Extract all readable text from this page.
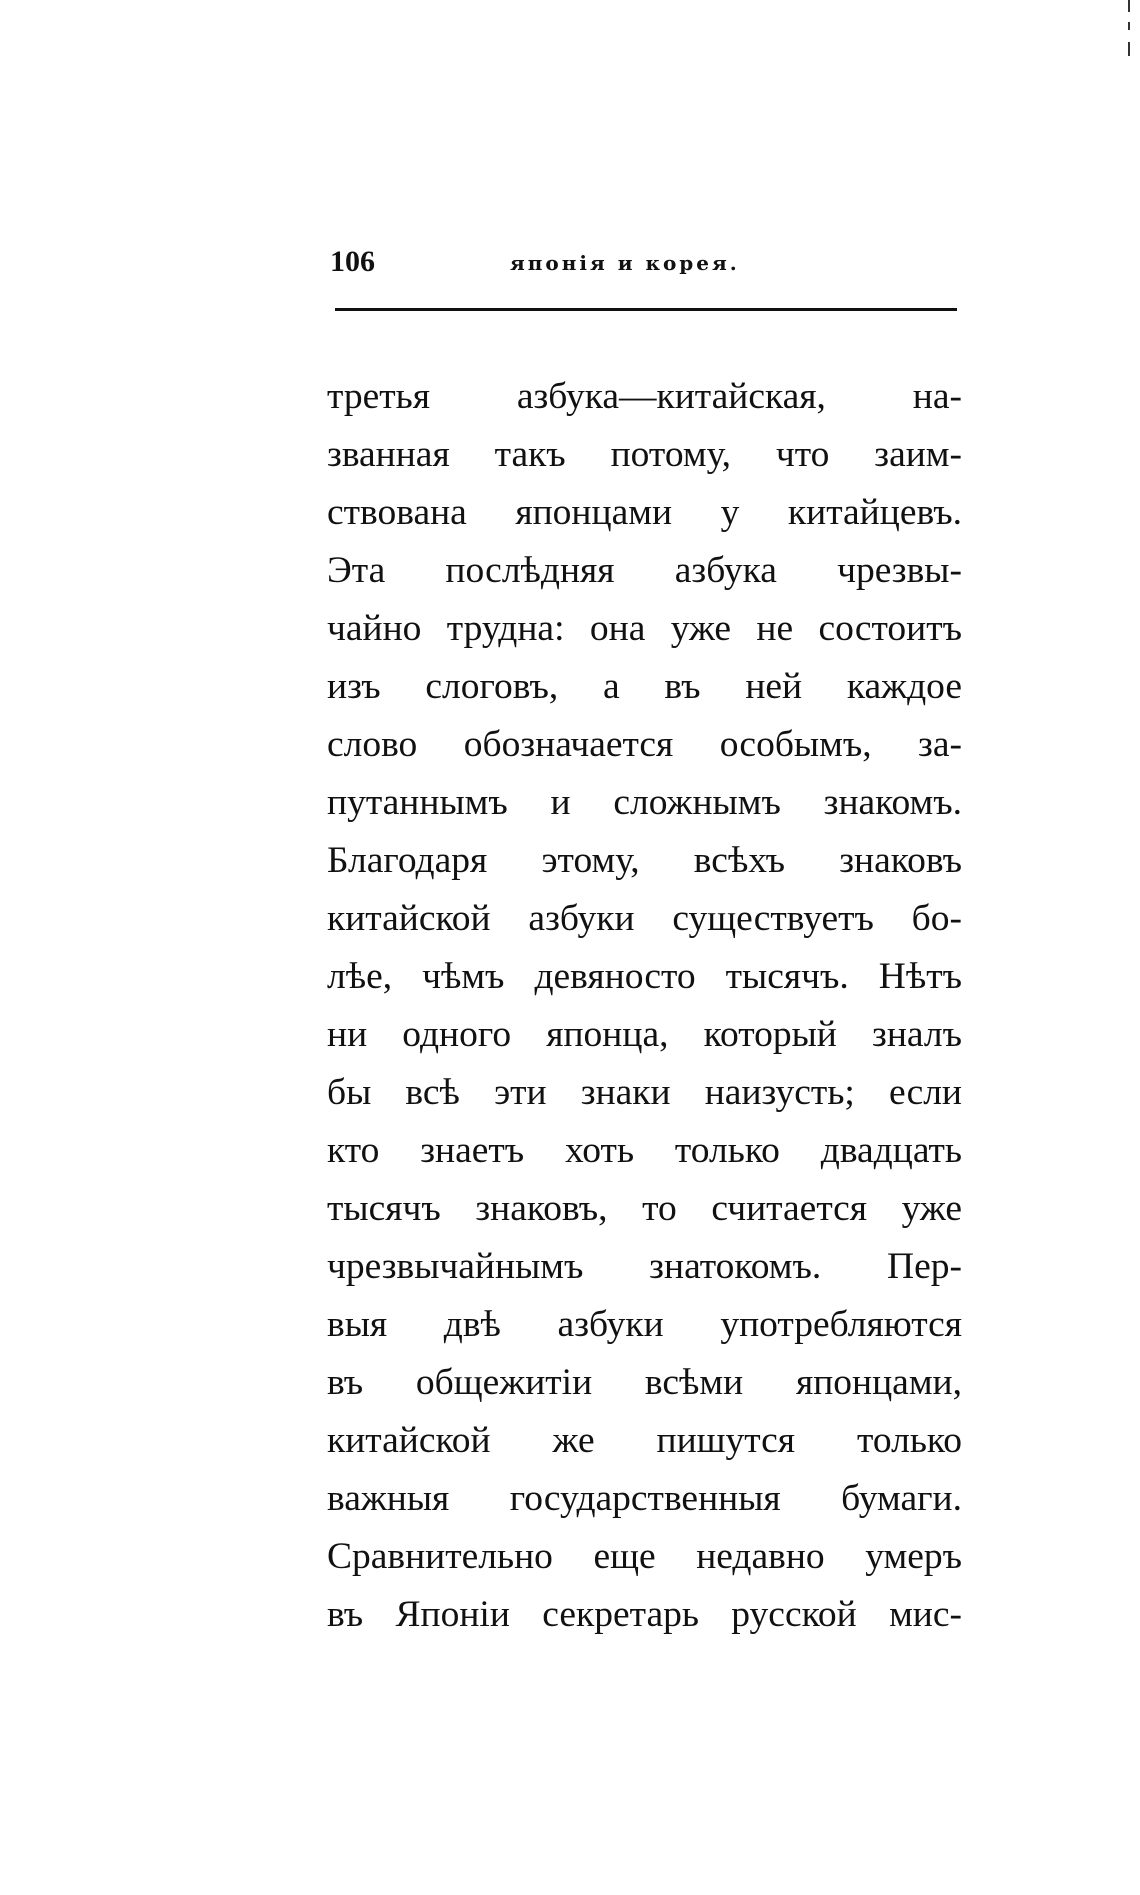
106	японія и корея.
третья азбука—китайская, на-
званная такъ потому, что заим-
ствована японцами у китайцевъ.
Эта послѣдняя азбука чрезвы-
чайно трудна: она уже не состоитъ
изъ слоговъ, а въ ней каждое
слово обозначается особымъ, за-
путаннымъ и сложнымъ знакомъ.
Благодаря этому, всѣхъ знаковъ
китайской азбуки существуетъ бо-
лѣе, чѣмъ девяносто тысячъ. Нѣтъ
ни одного японца, который зналъ
бы всѣ эти знаки наизусть; если
кто знаетъ хоть только двадцать
тысячъ знаковъ, то считается уже
чрезвычайнымъ знатокомъ. Пер-
выя двѣ азбуки употребляются
въ общежитіи всѣми японцами,
китайской же пишутся только
важныя государственныя бумаги.
Сравнительно еще недавно умеръ
въ Японіи секретарь русской мис-
